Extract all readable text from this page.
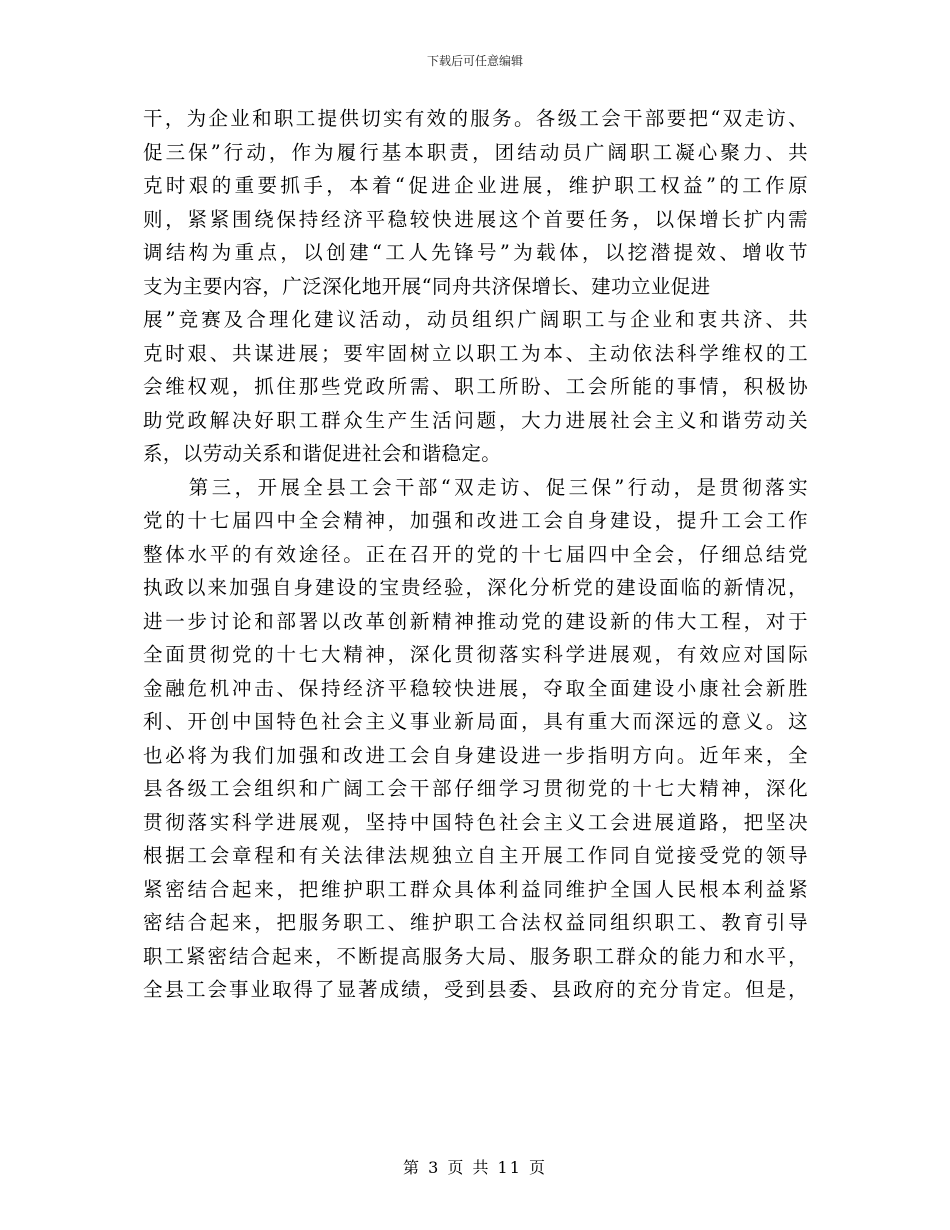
下载后可任意编辑
干，为企业和职工提供切实有效的服务。各级工会干部要把“双走访、
促三保”行动，作为履行基本职责，团结动员广阔职工凝心聚力、共
克时艰的重要抓手，本着“促进企业进展，维护职工权益”的工作原
则，紧紧围绕保持经济平稳较快进展这个首要任务，以保增长扩内需
调结构为重点，以创建“工人先锋号”为载体，以挖潜提效、增收节
支为主要内容，广泛深化地开展“同舟共济保增长、建功立业促进
展”竞赛及合理化建议活动，动员组织广阔职工与企业和衷共济、共
克时艰、共谋进展；要牢固树立以职工为本、主动依法科学维权的工
会维权观，抓住那些党政所需、职工所盼、工会所能的事情，积极协
助党政解决好职工群众生产生活问题，大力进展社会主义和谐劳动关
系，以劳动关系和谐促进社会和谐稳定。
　　第三，开展全县工会干部“双走访、促三保”行动，是贯彻落实
党的十七届四中全会精神，加强和改进工会自身建设，提升工会工作
整体水平的有效途径。正在召开的党的十七届四中全会，仔细总结党
执政以来加强自身建设的宝贵经验，深化分析党的建设面临的新情况，
进一步讨论和部署以改革创新精神推动党的建设新的伟大工程，对于
全面贯彻党的十七大精神，深化贯彻落实科学进展观，有效应对国际
金融危机冲击、保持经济平稳较快进展，夺取全面建设小康社会新胜
利、开创中国特色社会主义事业新局面，具有重大而深远的意义。这
也必将为我们加强和改进工会自身建设进一步指明方向。近年来，全
县各级工会组织和广阔工会干部仔细学习贯彻党的十七大精神，深化
贯彻落实科学进展观，坚持中国特色社会主义工会进展道路，把坚决
根据工会章程和有关法律法规独立自主开展工作同自觉接受党的领导
紧密结合起来，把维护职工群众具体利益同维护全国人民根本利益紧
密结合起来，把服务职工、维护职工合法权益同组织职工、教育引导
职工紧密结合起来，不断提高服务大局、服务职工群众的能力和水平，
全县工会事业取得了显著成绩，受到县委、县政府的充分肯定。但是，
第 3 页 共 11 页
